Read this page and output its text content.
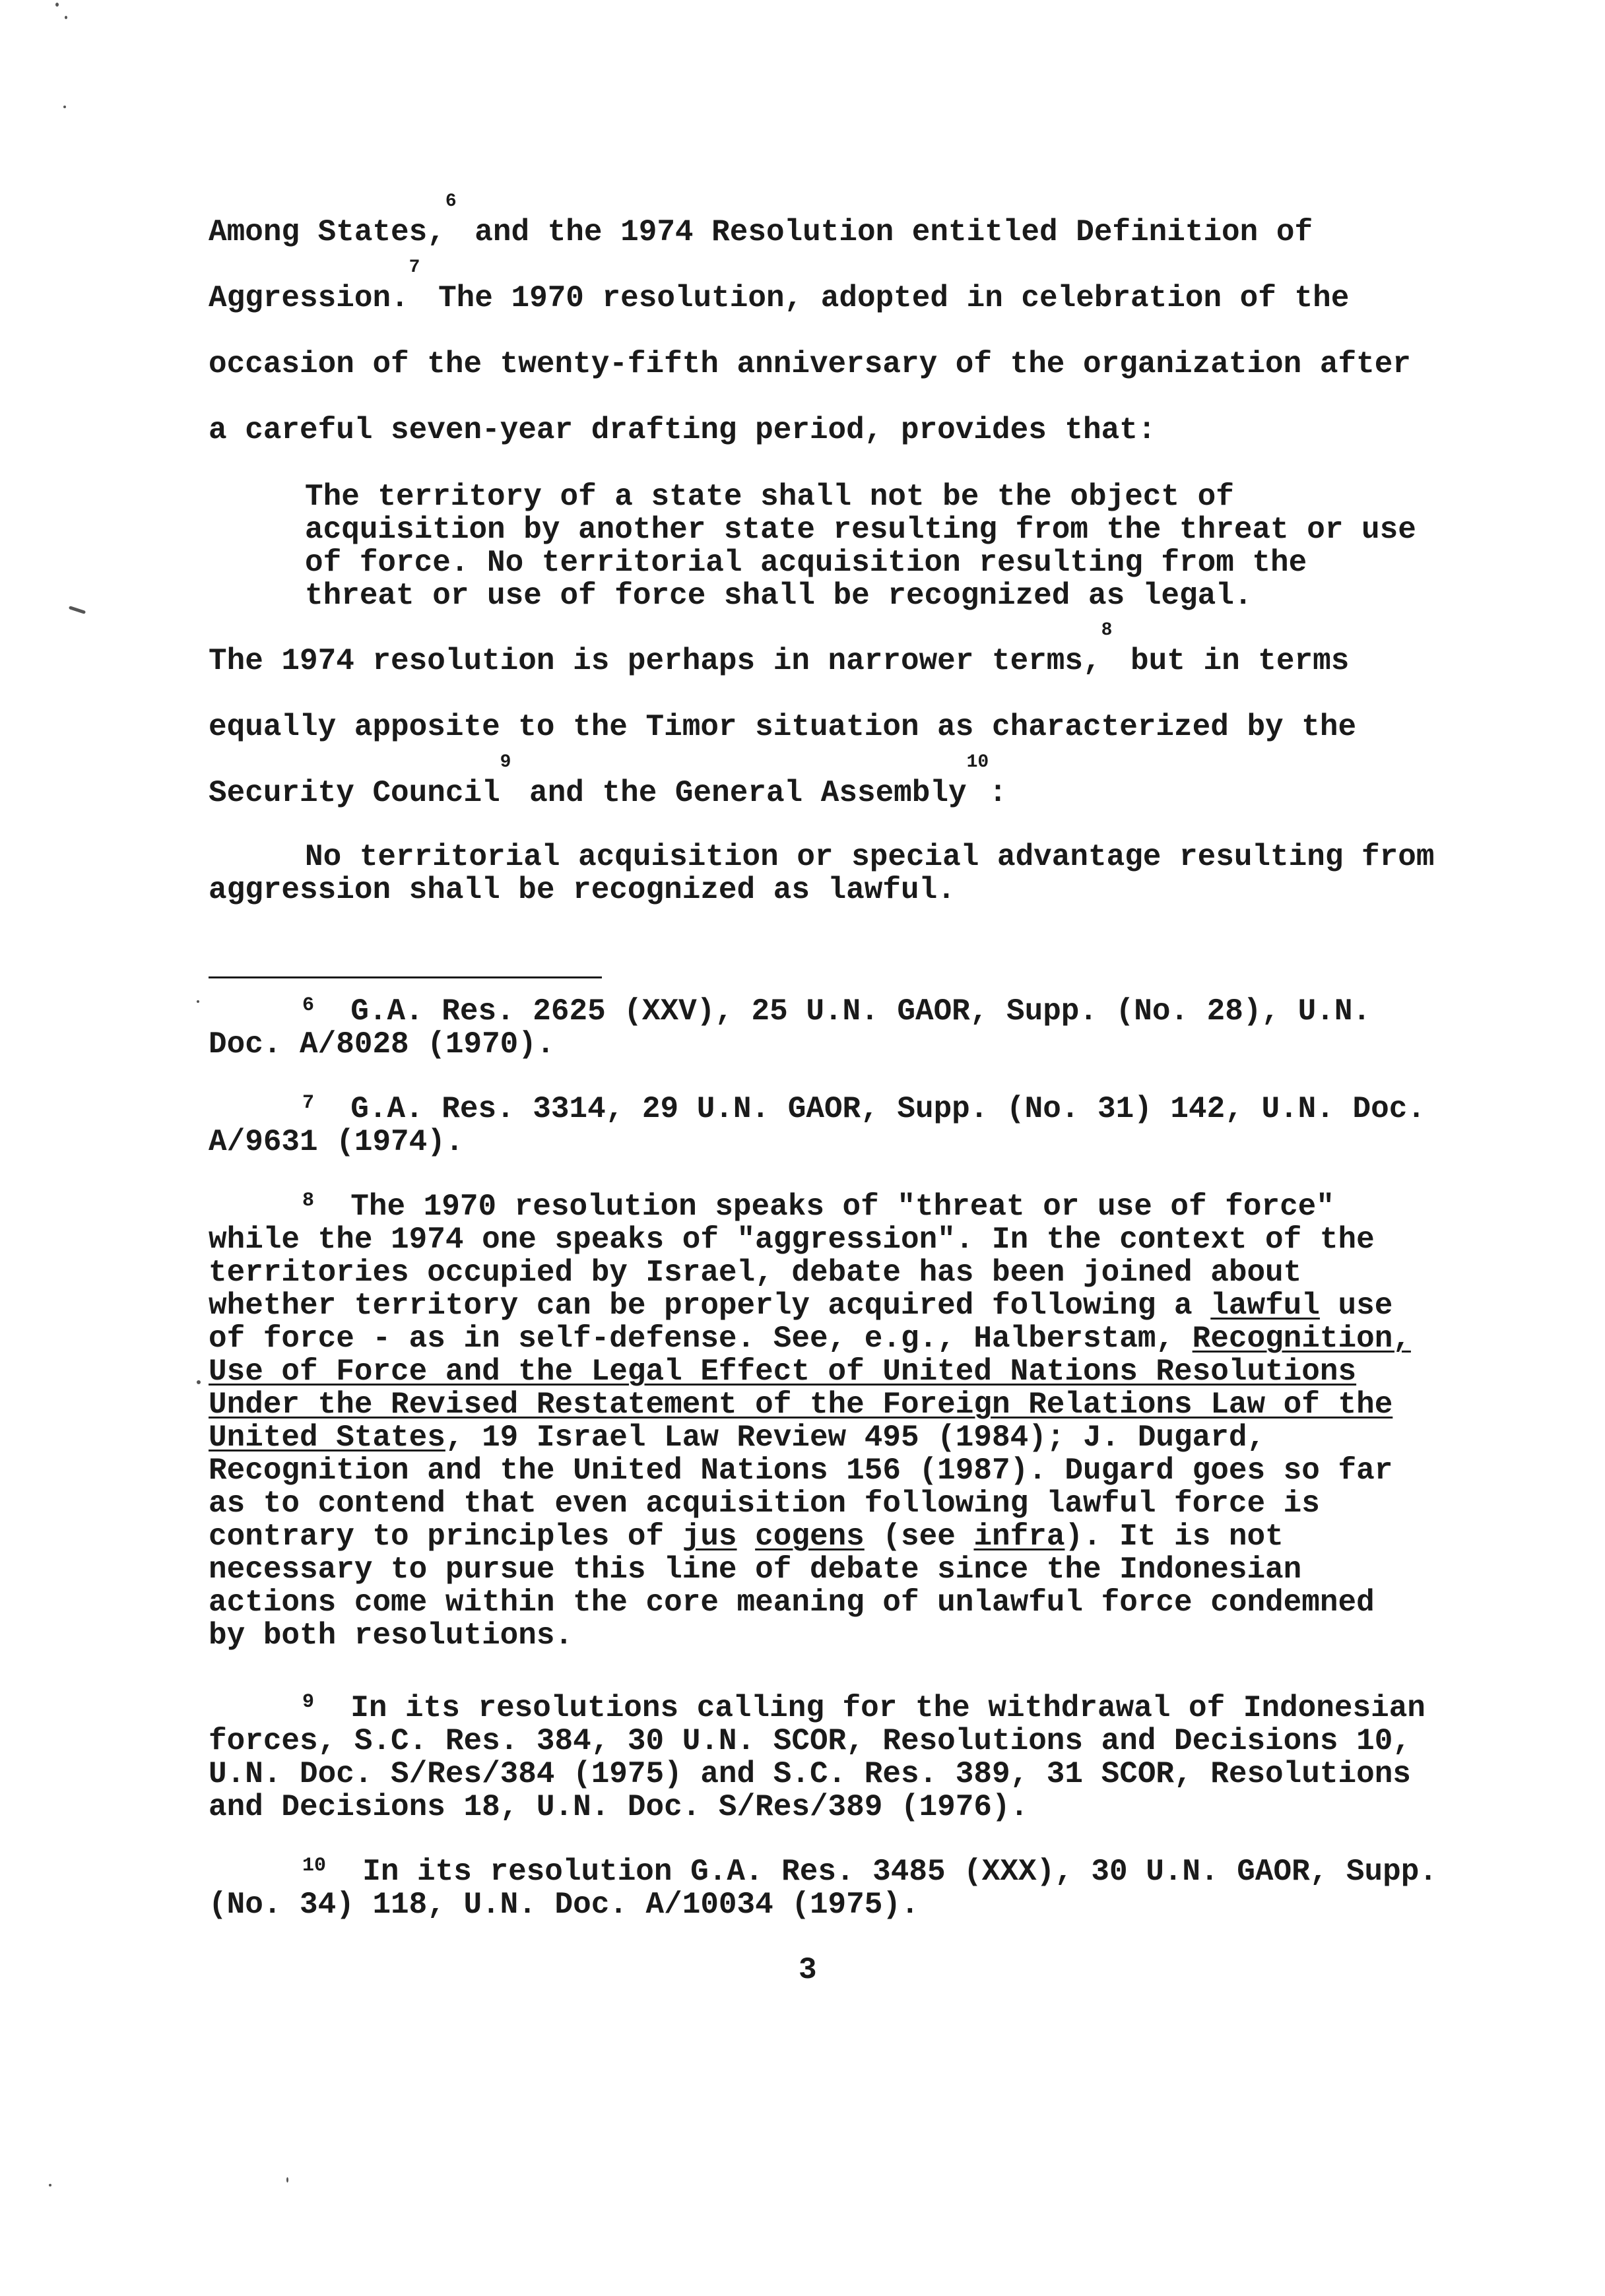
Among States,$^6$ and the 1974 Resolution entitled Definition of
Aggression.$^7$ The 1970 resolution, adopted in celebration of the
occasion of the twenty-fifth anniversary of the organization after
a careful seven-year drafting period, provides that:
The territory of a state shall not be the object of
acquisition by another state resulting from the threat or use
of force. No territorial acquisition resulting from the
threat or use of force shall be recognized as legal.
The 1974 resolution is perhaps in narrower terms,$^8$ but in terms
equally apposite to the Timor situation as characterized by the
Security Council$^9$ and the General Assembly$^{10}$:
No territorial acquisition or special advantage resulting from
aggression shall be recognized as lawful.
$^6$ G.A. Res. 2625 (XXV), 25 U.N. GAOR, Supp. (No. 28), U.N.
Doc. A/8028 (1970).
$^7$ G.A. Res. 3314, 29 U.N. GAOR, Supp. (No. 31) 142, U.N. Doc.
A/9631 (1974).
$^8$ The 1970 resolution speaks of "threat or use of force"
while the 1974 one speaks of "aggression". In the context of the
territories occupied by Israel, debate has been joined about
whether territory can be properly acquired following a lawful use
of force - as in self-defense. See, e.g., Halberstam, Recognition,
Use of Force and the Legal Effect of United Nations Resolutions
Under the Revised Restatement of the Foreign Relations Law of the
United States, 19 Israel Law Review 495 (1984); J. Dugard,
Recognition and the United Nations 156 (1987). Dugard goes so far
as to contend that even acquisition following lawful force is
contrary to principles of jus cogens (see infra). It is not
necessary to pursue this line of debate since the Indonesian
actions come within the core meaning of unlawful force condemned
by both resolutions.
$^9$ In its resolutions calling for the withdrawal of Indonesian
forces, S.C. Res. 384, 30 U.N. SCOR, Resolutions and Decisions 10,
U.N. Doc. S/Res/384 (1975) and S.C. Res. 389, 31 SCOR, Resolutions
and Decisions 18, U.N. Doc. S/Res/389 (1976).
$^{10}$ In its resolution G.A. Res. 3485 (XXX), 30 U.N. GAOR, Supp.
(No. 34) 118, U.N. Doc. A/10034 (1975).
3
